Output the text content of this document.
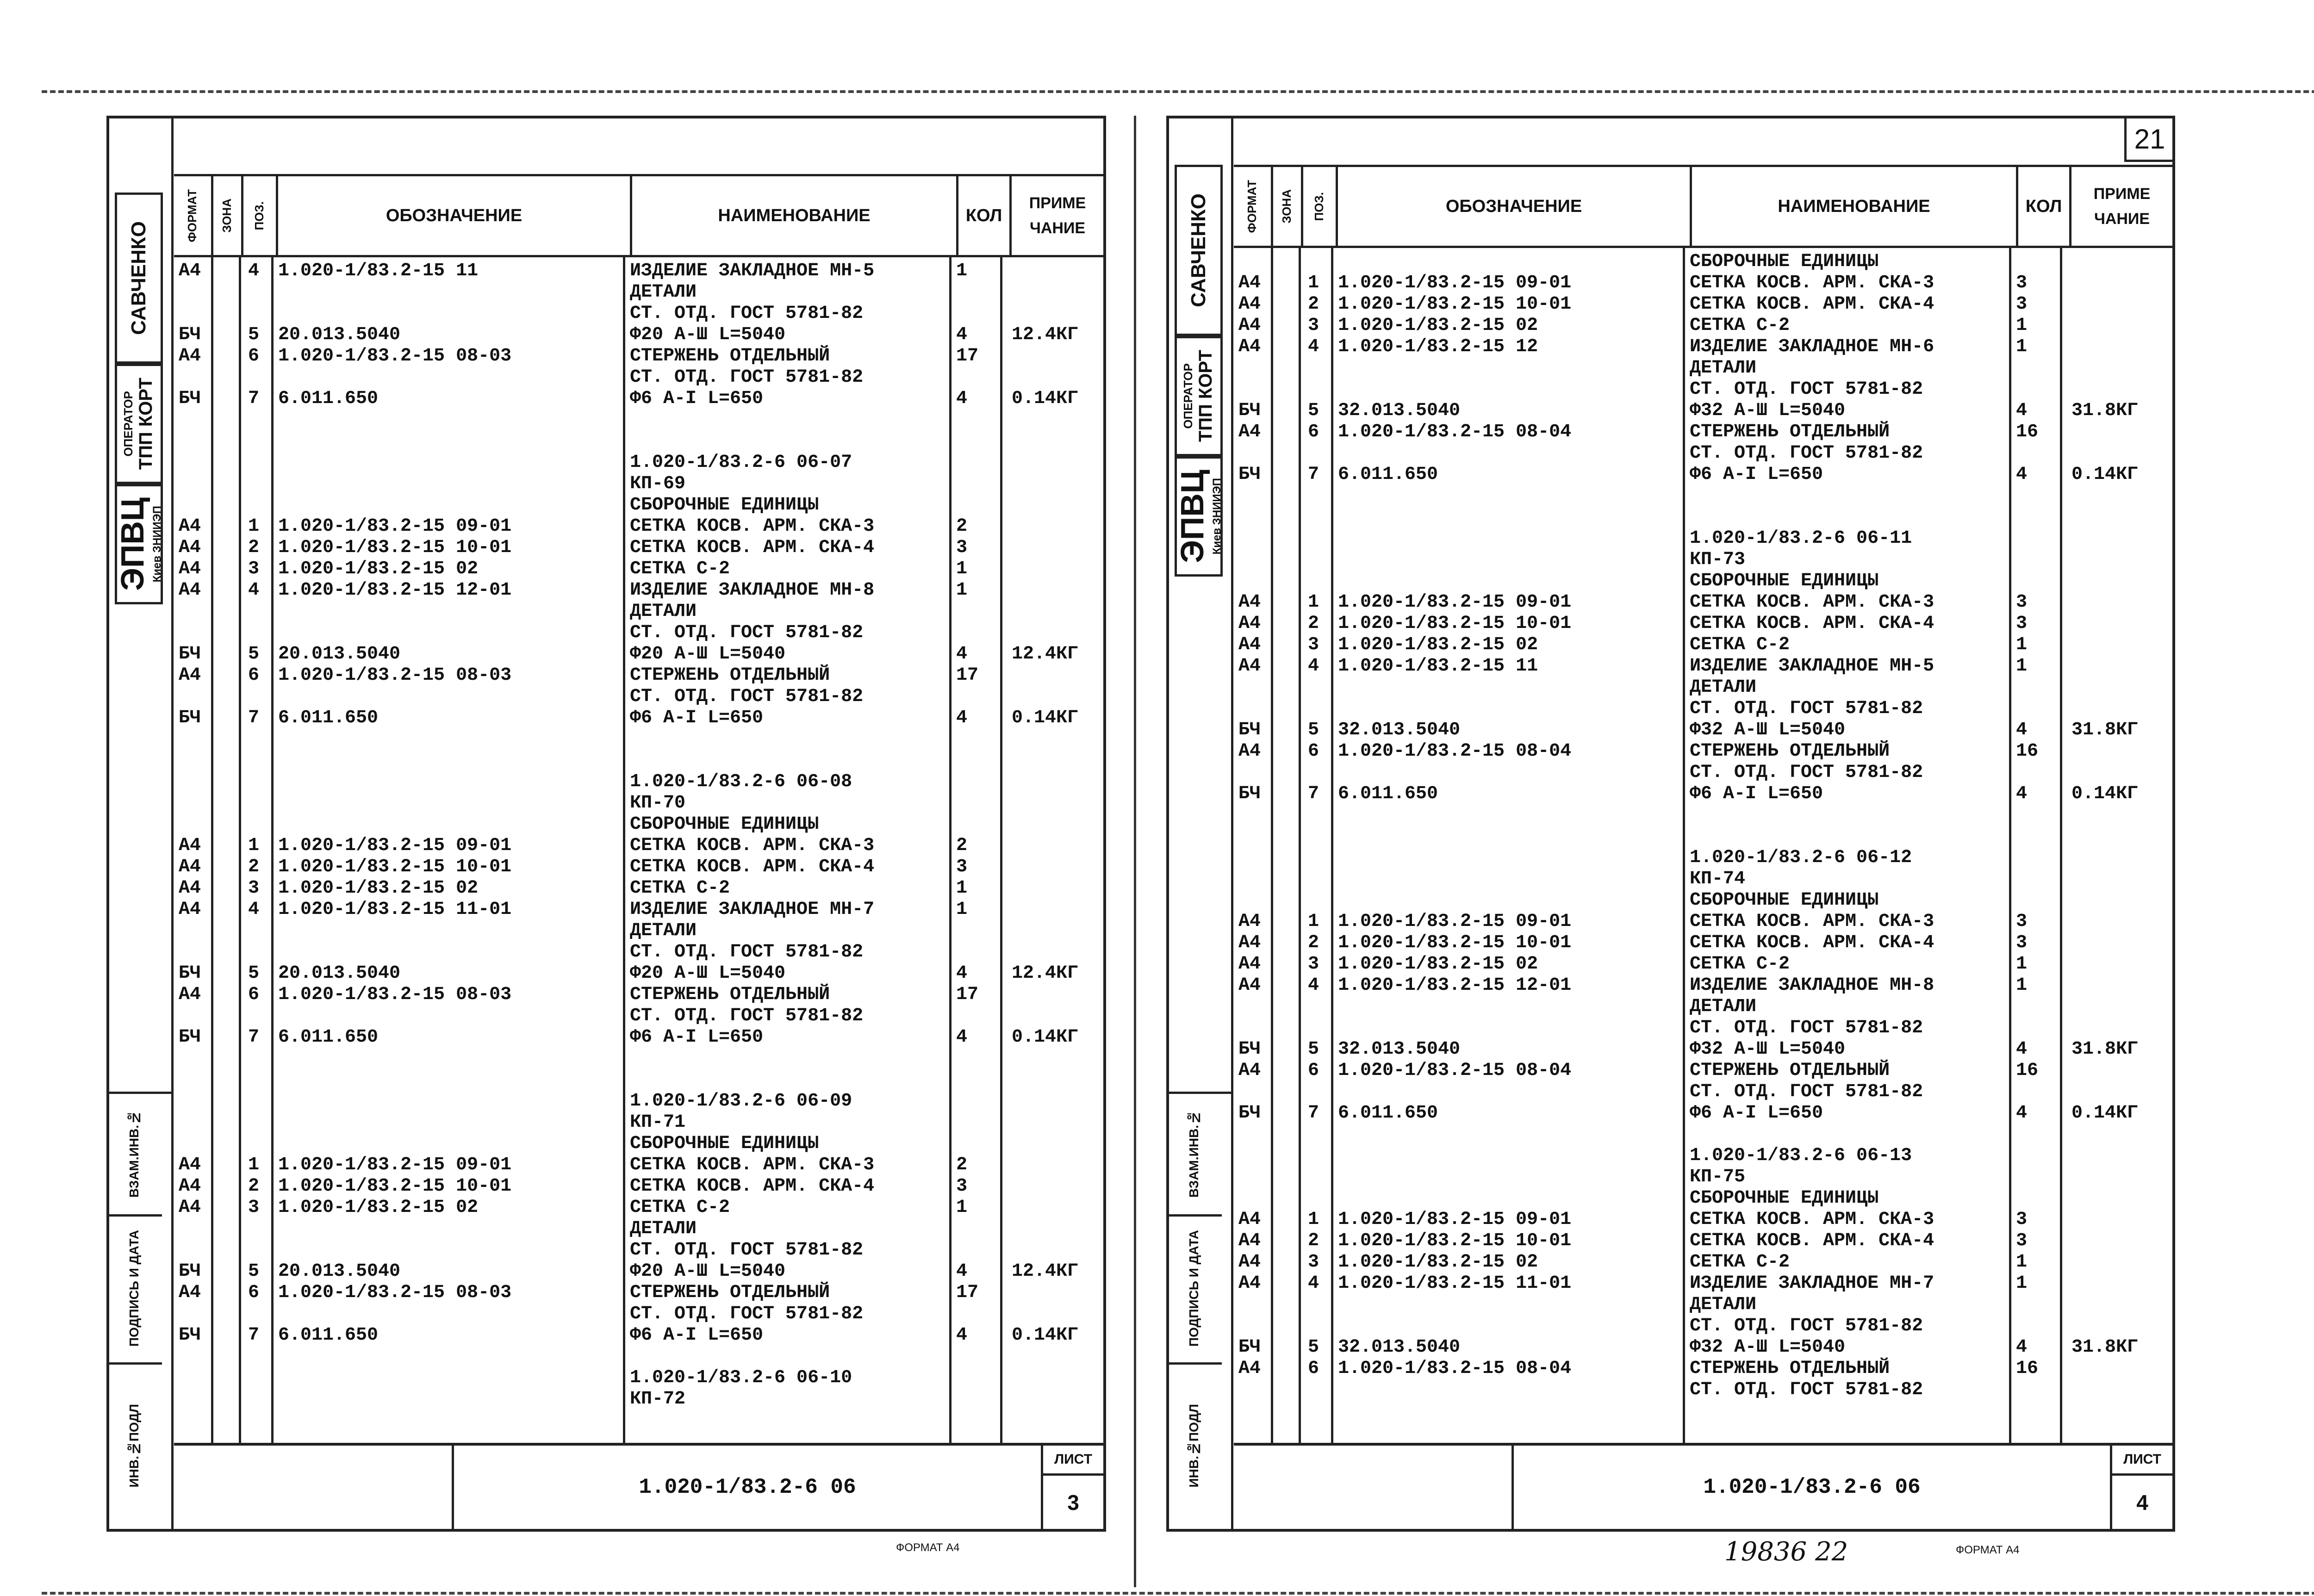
21
САВЧЕНКО
ОПЕРАТОР ТПП КОРТ
ЭПВЦ Киев ЗНИИЭП
ВЗАМ.ИНВ.№
ПОДПИСЬ И ДАТА
ИНВ.№ПОДЛ
ФОРМАТ ЗОНА ПОЗ.	ОБОЗНАЧЕНИЕ	НАИМЕНОВАНИЕ	КОЛ
ПРИМЕ
ЧАНИЕ
А4	4 1.020-1/83.2-15 11	ИЗДЕЛИЕ ЗАКЛАДНОЕ МН-5	1
ДЕТАЛИ
СТ. ОТД. ГОСТ 5781-82
БЧ	5 20.013.5040	Ф20 А-Ш L=5040	4 12.4КГ
А4	6 1.020-1/83.2-15 08-03	СТЕРЖЕНЬ ОТДЕЛЬНЫЙ	17
СТ. ОТД. ГОСТ 5781-82
БЧ	7 6.011.650	Ф6 А-I L=650	4 0.14КГ
1.020-1/83.2-6 06-07
КП-69
СБОРОЧНЫЕ ЕДИНИЦЫ
А4	1 1.020-1/83.2-15 09-01	СЕТКА КОСВ. АРМ. СКА-3	2
А4	2 1.020-1/83.2-15 10-01	СЕТКА КОСВ. АРМ. СКА-4	3
А4	3 1.020-1/83.2-15 02	СЕТКА С-2	1
А4	4 1.020-1/83.2-15 12-01	ИЗДЕЛИЕ ЗАКЛАДНОЕ МН-8	1
ДЕТАЛИ
СТ. ОТД. ГОСТ 5781-82
БЧ	5 20.013.5040	Ф20 А-Ш L=5040	4 12.4КГ
А4	6 1.020-1/83.2-15 08-03	СТЕРЖЕНЬ ОТДЕЛЬНЫЙ	17
СТ. ОТД. ГОСТ 5781-82
БЧ	7 6.011.650	Ф6 А-I L=650	4 0.14КГ
1.020-1/83.2-6 06-08
КП-70
СБОРОЧНЫЕ ЕДИНИЦЫ
А4	1 1.020-1/83.2-15 09-01	СЕТКА КОСВ. АРМ. СКА-3	2
А4	2 1.020-1/83.2-15 10-01	СЕТКА КОСВ. АРМ. СКА-4	3
А4	3 1.020-1/83.2-15 02	СЕТКА С-2	1
А4	4 1.020-1/83.2-15 11-01	ИЗДЕЛИЕ ЗАКЛАДНОЕ МН-7	1
ДЕТАЛИ
СТ. ОТД. ГОСТ 5781-82
БЧ	5 20.013.5040	Ф20 А-Ш L=5040	4 12.4КГ
А4	6 1.020-1/83.2-15 08-03	СТЕРЖЕНЬ ОТДЕЛЬНЫЙ	17
СТ. ОТД. ГОСТ 5781-82
БЧ	7 6.011.650	Ф6 А-I L=650	4 0.14КГ
1.020-1/83.2-6 06-09
КП-71
СБОРОЧНЫЕ ЕДИНИЦЫ
А4	1 1.020-1/83.2-15 09-01	СЕТКА КОСВ. АРМ. СКА-3	2
А4	2 1.020-1/83.2-15 10-01	СЕТКА КОСВ. АРМ. СКА-4	3
А4	3 1.020-1/83.2-15 02	СЕТКА С-2	1
ДЕТАЛИ
СТ. ОТД. ГОСТ 5781-82
БЧ	5 20.013.5040	Ф20 А-Ш L=5040	4 12.4КГ
А4	6 1.020-1/83.2-15 08-03	СТЕРЖЕНЬ ОТДЕЛЬНЫЙ	17
СТ. ОТД. ГОСТ 5781-82
БЧ	7 6.011.650	Ф6 А-I L=650	4 0.14КГ
1.020-1/83.2-6 06-10
КП-72
1.020-1/83.2-6 06
ЛИСТ
3
ФОРМАТ А4
САВЧЕНКО
ОПЕРАТОР ТПП КОРТ
ЭПВЦ Киев ЗНИИЭП
ВЗАМ.ИНВ.№
ПОДПИСЬ И ДАТА
ИНВ.№ПОДЛ
ФОРМАТ ЗОНА ПОЗ.	ОБОЗНАЧЕНИЕ	НАИМЕНОВАНИЕ	КОЛ
ПРИМЕ
ЧАНИЕ
СБОРОЧНЫЕ ЕДИНИЦЫ
А4	1 1.020-1/83.2-15 09-01	СЕТКА КОСВ. АРМ. СКА-3	3
А4	2 1.020-1/83.2-15 10-01	СЕТКА КОСВ. АРМ. СКА-4	3
А4	3 1.020-1/83.2-15 02	СЕТКА С-2	1
А4	4 1.020-1/83.2-15 12	ИЗДЕЛИЕ ЗАКЛАДНОЕ МН-6	1
ДЕТАЛИ
СТ. ОТД. ГОСТ 5781-82
БЧ	5 32.013.5040	Ф32 А-Ш L=5040	4 31.8КГ
А4	6 1.020-1/83.2-15 08-04	СТЕРЖЕНЬ ОТДЕЛЬНЫЙ	16
СТ. ОТД. ГОСТ 5781-82
БЧ	7 6.011.650	Ф6 А-I L=650	4 0.14КГ
1.020-1/83.2-6 06-11
КП-73
СБОРОЧНЫЕ ЕДИНИЦЫ
А4	1 1.020-1/83.2-15 09-01	СЕТКА КОСВ. АРМ. СКА-3	3
А4	2 1.020-1/83.2-15 10-01	СЕТКА КОСВ. АРМ. СКА-4	3
А4	3 1.020-1/83.2-15 02	СЕТКА С-2	1
А4	4 1.020-1/83.2-15 11	ИЗДЕЛИЕ ЗАКЛАДНОЕ МН-5	1
ДЕТАЛИ
СТ. ОТД. ГОСТ 5781-82
БЧ	5 32.013.5040	Ф32 А-Ш L=5040	4 31.8КГ
А4	6 1.020-1/83.2-15 08-04	СТЕРЖЕНЬ ОТДЕЛЬНЫЙ	16
СТ. ОТД. ГОСТ 5781-82
БЧ	7 6.011.650	Ф6 А-I L=650	4 0.14КГ
1.020-1/83.2-6 06-12
КП-74
СБОРОЧНЫЕ ЕДИНИЦЫ
А4	1 1.020-1/83.2-15 09-01	СЕТКА КОСВ. АРМ. СКА-3	3
А4	2 1.020-1/83.2-15 10-01	СЕТКА КОСВ. АРМ. СКА-4	3
А4	3 1.020-1/83.2-15 02	СЕТКА С-2	1
А4	4 1.020-1/83.2-15 12-01	ИЗДЕЛИЕ ЗАКЛАДНОЕ МН-8	1
ДЕТАЛИ
СТ. ОТД. ГОСТ 5781-82
БЧ	5 32.013.5040	Ф32 А-Ш L=5040	4 31.8КГ
А4	6 1.020-1/83.2-15 08-04	СТЕРЖЕНЬ ОТДЕЛЬНЫЙ	16
СТ. ОТД. ГОСТ 5781-82
БЧ	7 6.011.650	Ф6 А-I L=650	4 0.14КГ
1.020-1/83.2-6 06-13
КП-75
СБОРОЧНЫЕ ЕДИНИЦЫ
А4	1 1.020-1/83.2-15 09-01	СЕТКА КОСВ. АРМ. СКА-3	3
А4	2 1.020-1/83.2-15 10-01	СЕТКА КОСВ. АРМ. СКА-4	3
А4	3 1.020-1/83.2-15 02	СЕТКА С-2	1
А4	4 1.020-1/83.2-15 11-01	ИЗДЕЛИЕ ЗАКЛАДНОЕ МН-7	1
ДЕТАЛИ
СТ. ОТД. ГОСТ 5781-82
БЧ	5 32.013.5040	Ф32 А-Ш L=5040	4 31.8КГ
А4	6 1.020-1/83.2-15 08-04	СТЕРЖЕНЬ ОТДЕЛЬНЫЙ	16
СТ. ОТД. ГОСТ 5781-82
1.020-1/83.2-6 06
ЛИСТ
4
19836 22	ФОРМАТ А4
